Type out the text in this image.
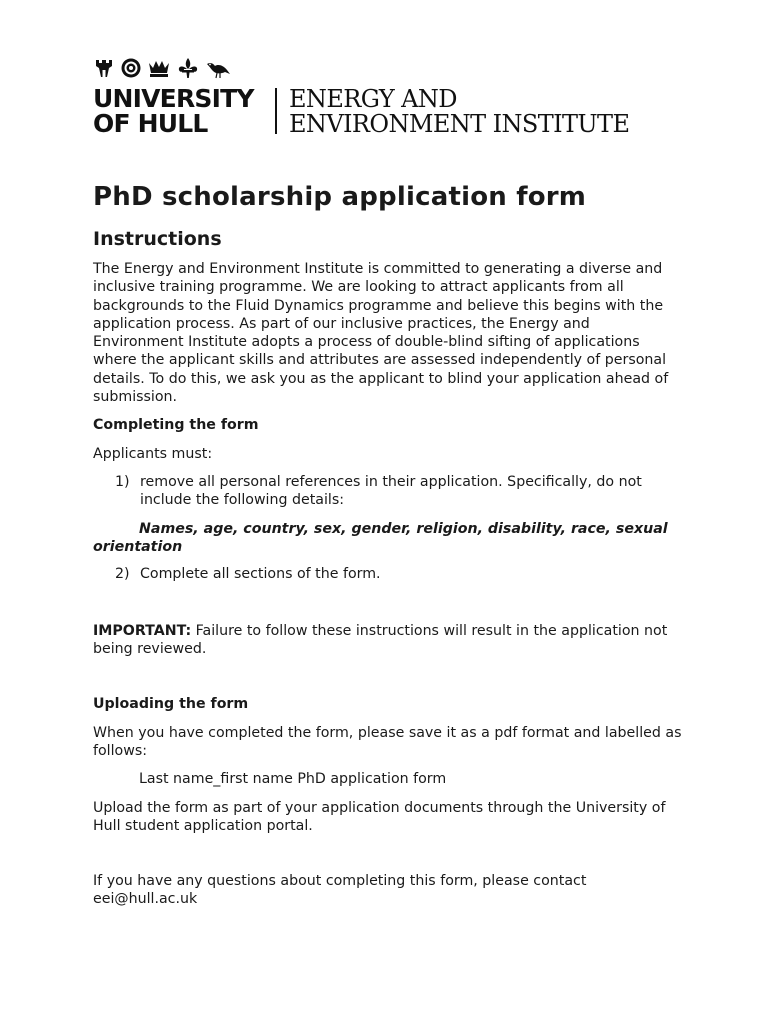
UNIVERSITY
OF HULL
ENERGY AND
ENVIRONMENT INSTITUTE
PhD scholarship application form
Instructions

The Energy and Environment Institute is committed to generating a diverse and inclusive training programme. We are looking to attract applicants from all backgrounds to the Fluid Dynamics programme and believe this begins with the application process. As part of our inclusive practices, the Energy and Environment Institute adopts a process of double-blind sifting of applications where the applicant skills and attributes are assessed independently of personal details. To do this, we ask you as the applicant to blind your application ahead of submission.

Completing the form

Applicants must:

1) remove all personal references in their application. Specifically, do not include the following details:

Names, age, country, sex, gender, religion, disability, race, sexual orientation

2) Complete all sections of the form.

IMPORTANT: Failure to follow these instructions will result in the application not being reviewed.

Uploading the form

When you have completed the form, please save it as a pdf format and labelled as follows:

Last name_first name PhD application form

Upload the form as part of your application documents through the University of Hull student application portal.

If you have any questions about completing this form, please contact eei@hull.ac.uk
